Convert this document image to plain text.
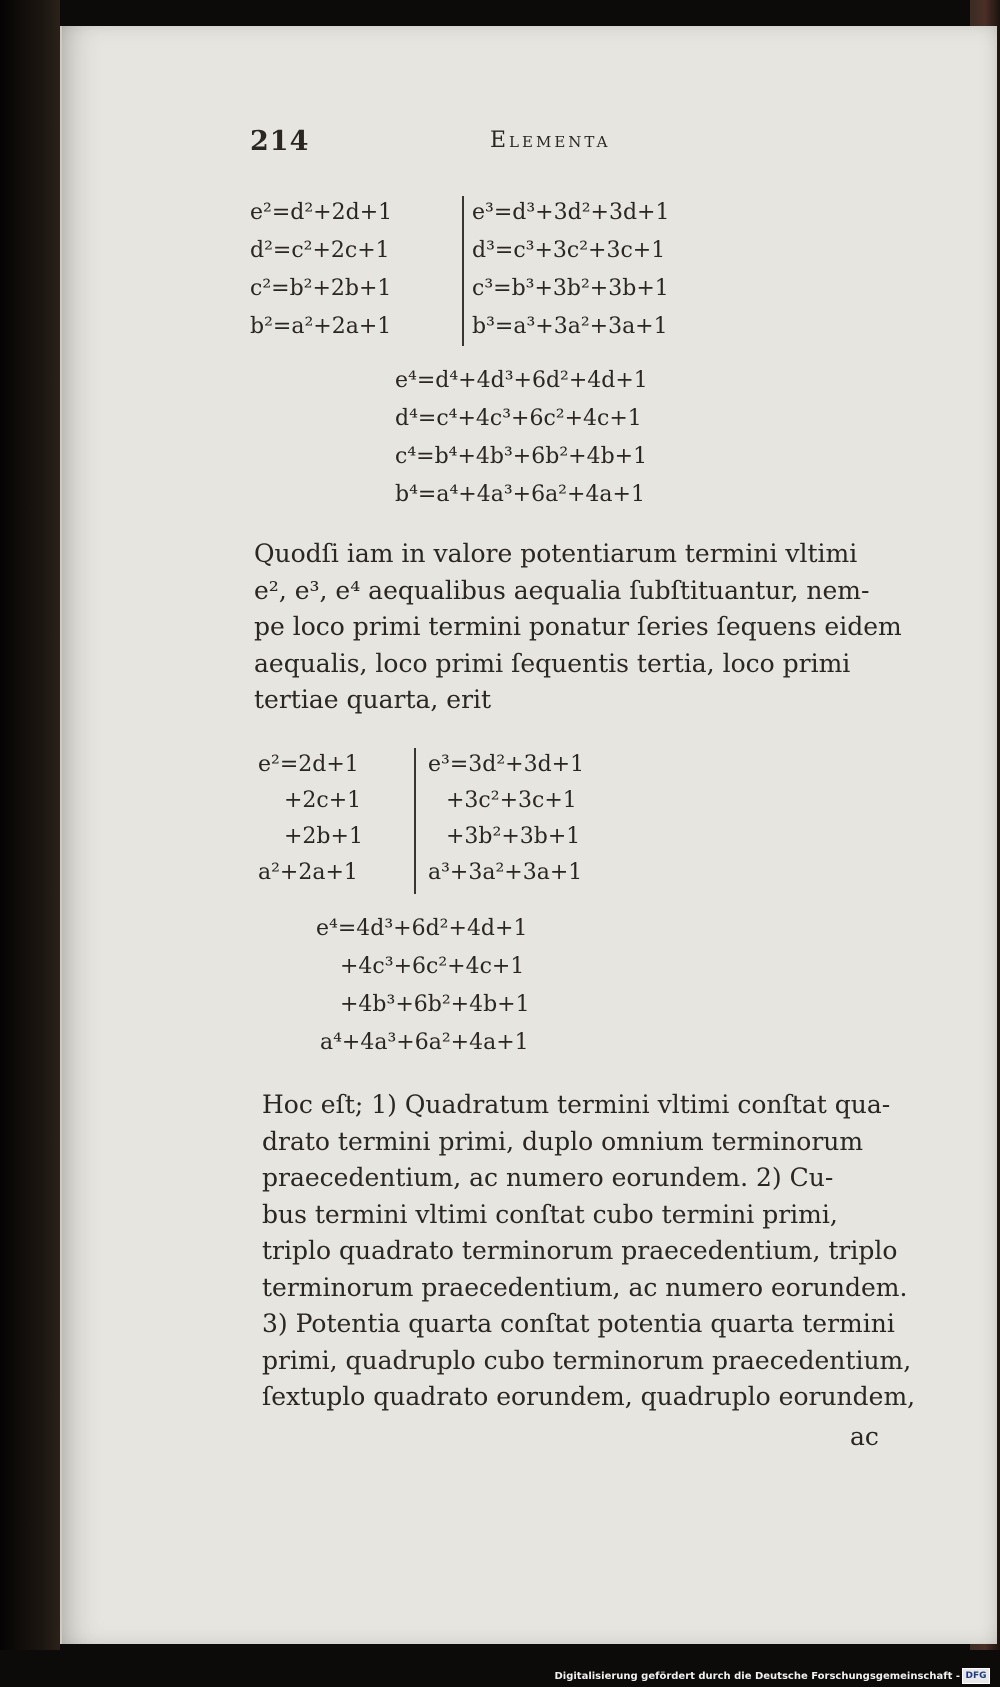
214	Elementa
e²=d²+2d+1
d²=c²+2c+1
c²=b²+2b+1
b²=a²+2a+1
e³=d³+3d²+3d+1
d³=c³+3c²+3c+1
c³=b³+3b²+3b+1
b³=a³+3a²+3a+1
e⁴=d⁴+4d³+6d²+4d+1
d⁴=c⁴+4c³+6c²+4c+1
c⁴=b⁴+4b³+6b²+4b+1
b⁴=a⁴+4a³+6a²+4a+1
Quodſi iam in valore potentiarum termini vltimi
e², e³, e⁴ aequalibus aequalia ſubſtituantur, nem-
pe loco primi termini ponatur ſeries ſequens eidem
aequalis, loco primi ſequentis tertia, loco primi
tertiae quarta, erit
e²=2d+1
+2c+1
+2b+1
a²+2a+1
e³=3d²+3d+1
+3c²+3c+1
+3b²+3b+1
a³+3a²+3a+1
e⁴=4d³+6d²+4d+1
+4c³+6c²+4c+1
+4b³+6b²+4b+1
a⁴+4a³+6a²+4a+1
Hoc eſt; 1) Quadratum termini vltimi conſtat qua-
drato termini primi, duplo omnium terminorum
praecedentium, ac numero eorundem. 2) Cu-
bus termini vltimi conſtat cubo termini primi,
triplo quadrato terminorum praecedentium, triplo
terminorum praecedentium, ac numero eorundem.
3) Potentia quarta conſtat potentia quarta termini
primi, quadruplo cubo terminorum praecedentium,
ſextuplo quadrato eorundem, quadruplo eorundem,
ac
Digitalisierung gefördert durch die Deutsche Forschungsgemeinschaft - DFG
